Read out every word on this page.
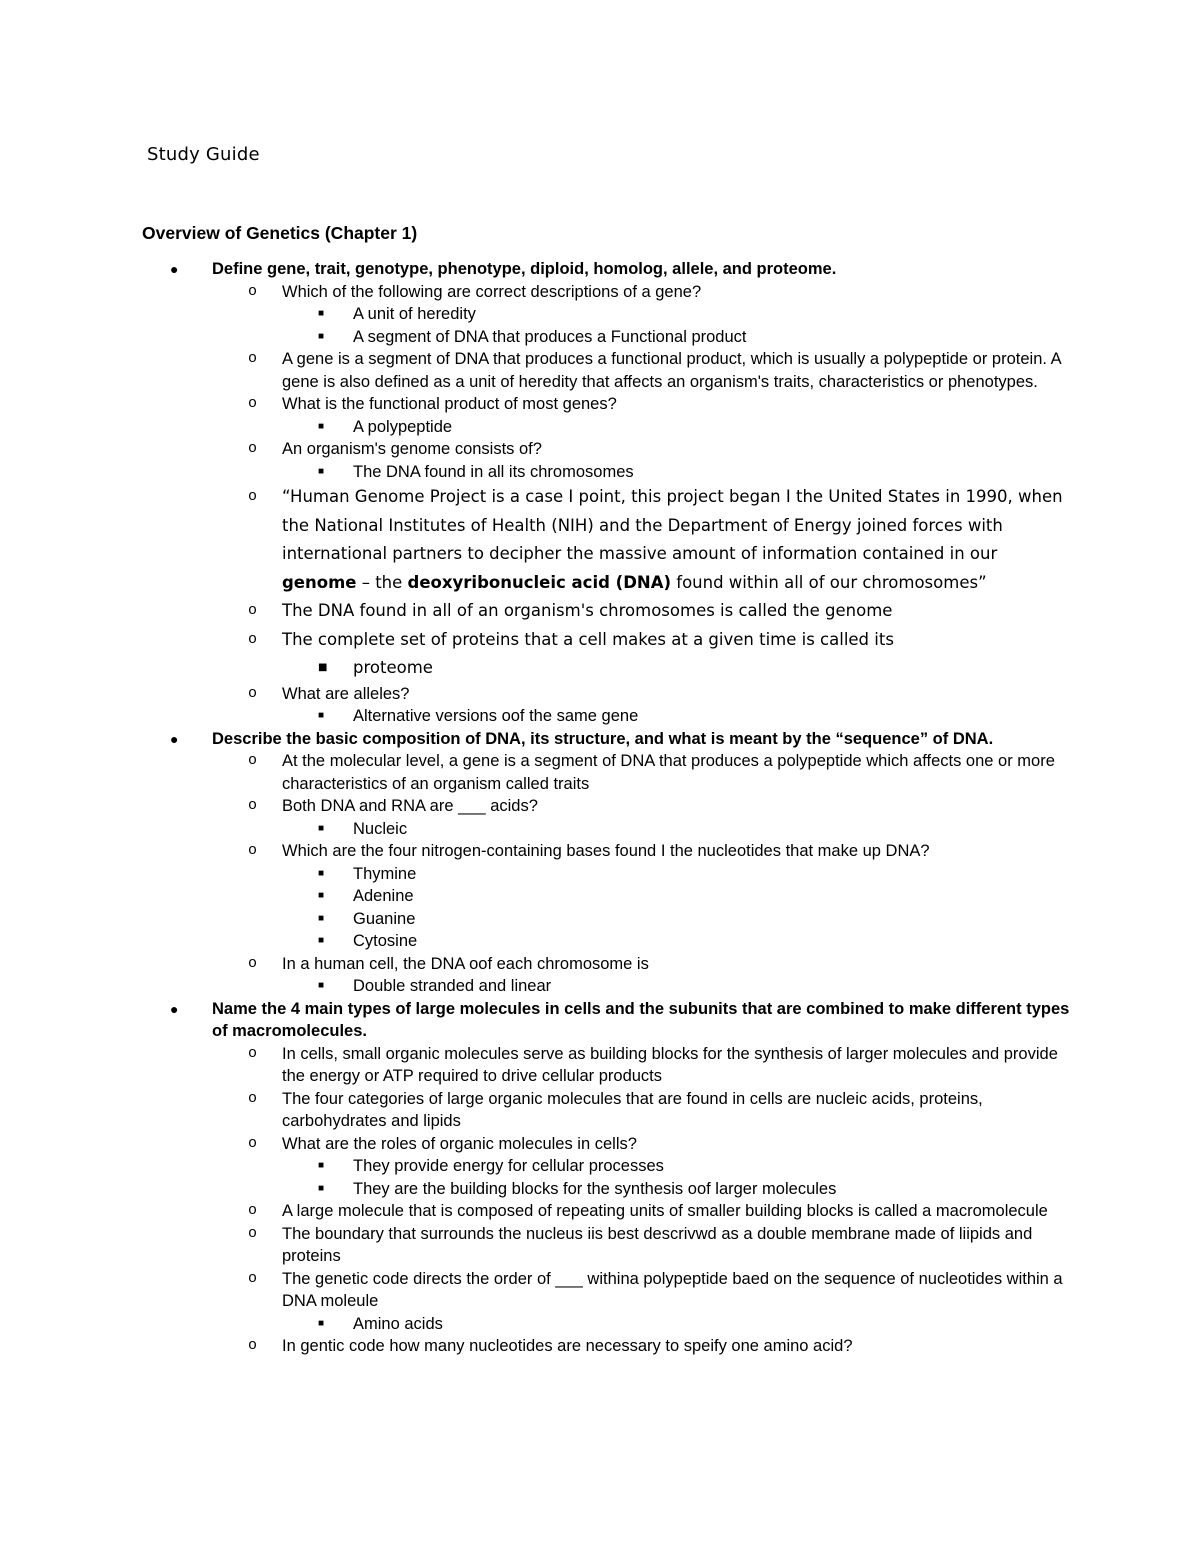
Study Guide
Overview of Genetics (Chapter 1)
● Define gene, trait, genotype, phenotype, diploid, homolog, allele, and proteome.
o Which of the following are correct descriptions of a gene?
■ A unit of heredity
■ A segment of DNA that produces a Functional product
o A gene is a segment of DNA that produces a functional product, which is usually a polypeptide or protein. A gene is also defined as a unit of heredity that affects an organism's traits, characteristics or phenotypes.
o What is the functional product of most genes?
■ A polypeptide
o An organism's genome consists of?
■ The DNA found in all its chromosomes
o “Human Genome Project is a case I point, this project began I the United States in 1990, when the National Institutes of Health (NIH) and the Department of Energy joined forces with international partners to decipher the massive amount of information contained in our genome – the deoxyribonucleic acid (DNA) found within all of our chromosomes”
o The DNA found in all of an organism's chromosomes is called the genome
o The complete set of proteins that a cell makes at a given time is called its
■ proteome
o What are alleles?
■ Alternative versions oof the same gene
● Describe the basic composition of DNA, its structure, and what is meant by the “sequence” of DNA.
o At the molecular level, a gene is a segment of DNA that produces a polypeptide which affects one or more characteristics of an organism called traits
o Both DNA and RNA are ___ acids?
■ Nucleic
o Which are the four nitrogen-containing bases found I the nucleotides that make up DNA?
■ Thymine
■ Adenine
■ Guanine
■ Cytosine
o In a human cell, the DNA oof each chromosome is
■ Double stranded and linear
● Name the 4 main types of large molecules in cells and the subunits that are combined to make different types of macromolecules.
o In cells, small organic molecules serve as building blocks for the synthesis of larger molecules and provide the energy or ATP required to drive cellular products
o The four categories of large organic molecules that are found in cells are nucleic acids, proteins, carbohydrates and lipids
o What are the roles of organic molecules in cells?
■ They provide energy for cellular processes
■ They are the building blocks for the synthesis oof larger molecules
o A large molecule that is composed of repeating units of smaller building blocks is called a macromolecule
o The boundary that surrounds the nucleus iis best descrivwd as a double membrane made of liipids and proteins
o The genetic code directs the order of ___ withina polypeptide baed on the sequence of nucleotides within a DNA moleule
■ Amino acids
o In gentic code how many nucleotides are necessary to speify one amino acid?
